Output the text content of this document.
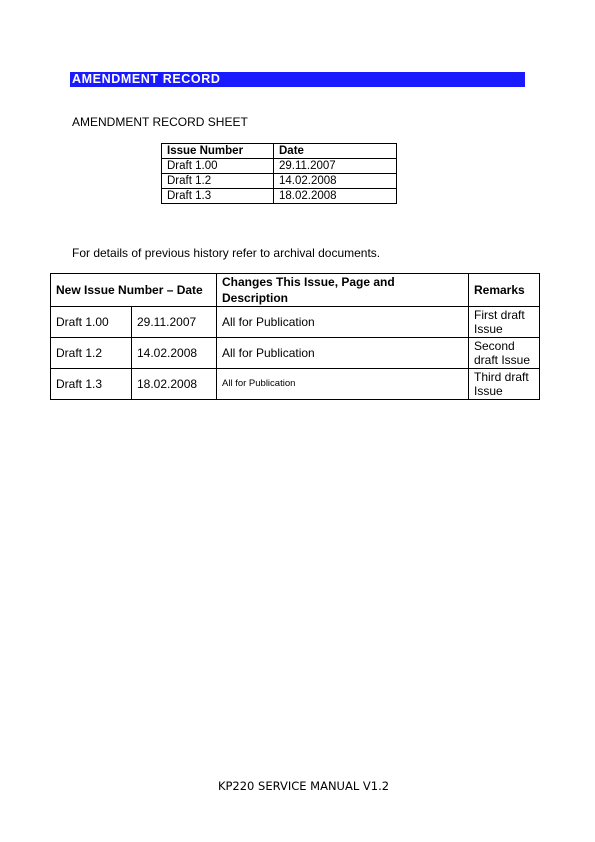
AMENDMENT RECORD
AMENDMENT RECORD SHEET
Issue Number	Date
Draft 1.00	29.11.2007
Draft 1.2	14.02.2008
Draft 1.3	18.02.2008
For details of previous history refer to archival documents.
New Issue Number – Date		Changes This Issue, Page and Description	Remarks
Draft 1.00	29.11.2007	All for Publication	First draft Issue
Draft 1.2	14.02.2008	All for Publication	Second draft Issue
Draft 1.3	18.02.2008	All for Publication	Third draft Issue
KP220 SERVICE MANUAL V1.2
